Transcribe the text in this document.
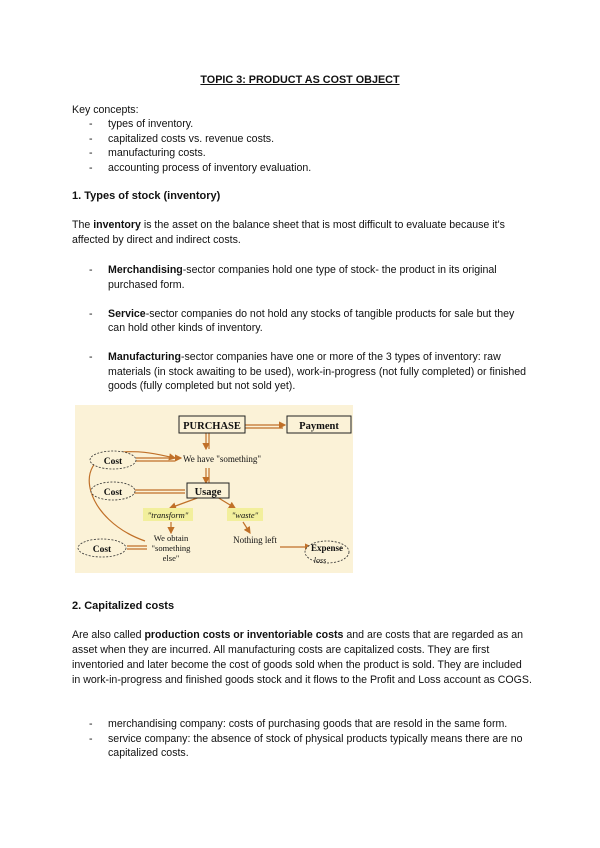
TOPIC 3: PRODUCT AS COST OBJECT
Key concepts:
- types of inventory.
- capitalized costs vs. revenue costs.
- manufacturing costs.
- accounting process of inventory evaluation.
1. Types of stock (inventory)

The inventory is the asset on the balance sheet that is most difficult to evaluate because it's affected by direct and indirect costs.

- Merchandising-sector companies hold one type of stock- the product in its original purchased form.
- Service-sector companies do not hold any stocks of tangible products for sale but they can hold other kinds of inventory.
- Manufacturing-sector companies have one or more of the 3 types of inventory: raw materials (in stock awaiting to be used), work-in-progress (not fully completed) or finished goods (fully completed but not sold yet).
PURCHASE	Payment
Cost	We have "something"
Cost	Usage
"transform"	"waste"
We obtain
"something
else"
Nothing left
Cost	Expense
loss
2. Capitalized costs

Are also called production costs or inventoriable costs and are costs that are regarded as an asset when they are incurred. All manufacturing costs are capitalized costs. They are first inventoried and later become the cost of goods sold when the product is sold. They are included in work-in-progress and finished goods stock and it flows to the Profit and Loss account as COGS.

- merchandising company: costs of purchasing goods that are resold in the same form.
- service company: the absence of stock of physical products typically means there are no capitalized costs.
